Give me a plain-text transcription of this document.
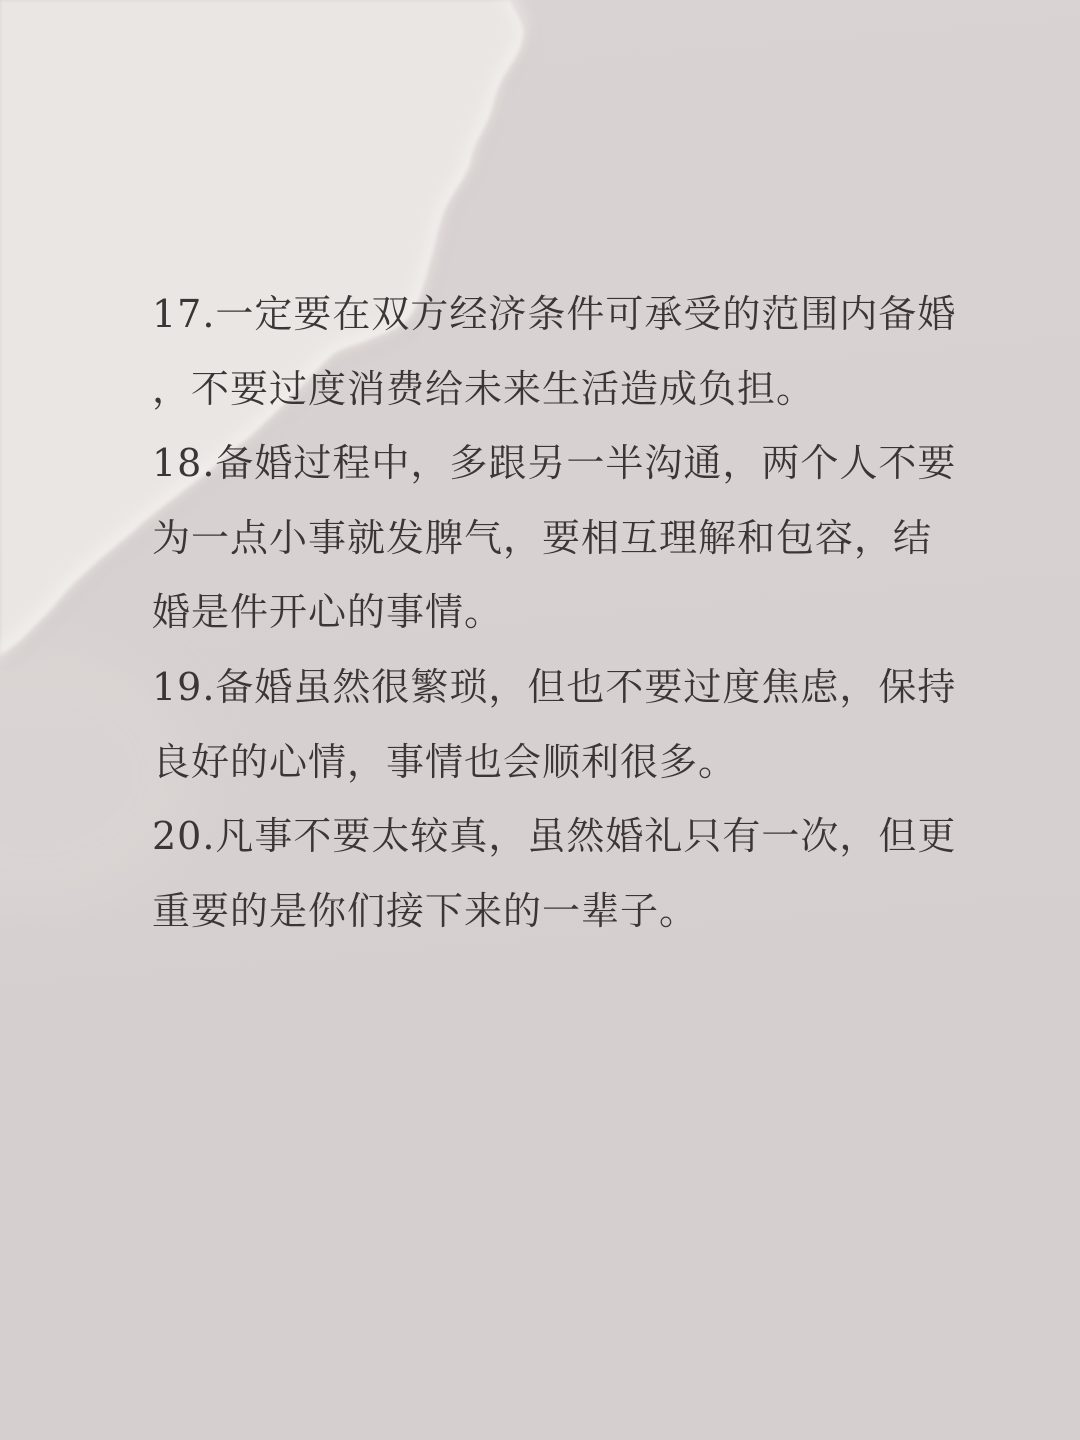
17.一定要在双方经济条件可承受的范围内备婚
，不要过度消费给未来生活造成负担。
18.备婚过程中，多跟另一半沟通，两个人不要
为一点小事就发脾气，要相互理解和包容，结
婚是件开心的事情。
19.备婚虽然很繁琐，但也不要过度焦虑，保持
良好的心情，事情也会顺利很多。
20.凡事不要太较真，虽然婚礼只有一次，但更
重要的是你们接下来的一辈子。
